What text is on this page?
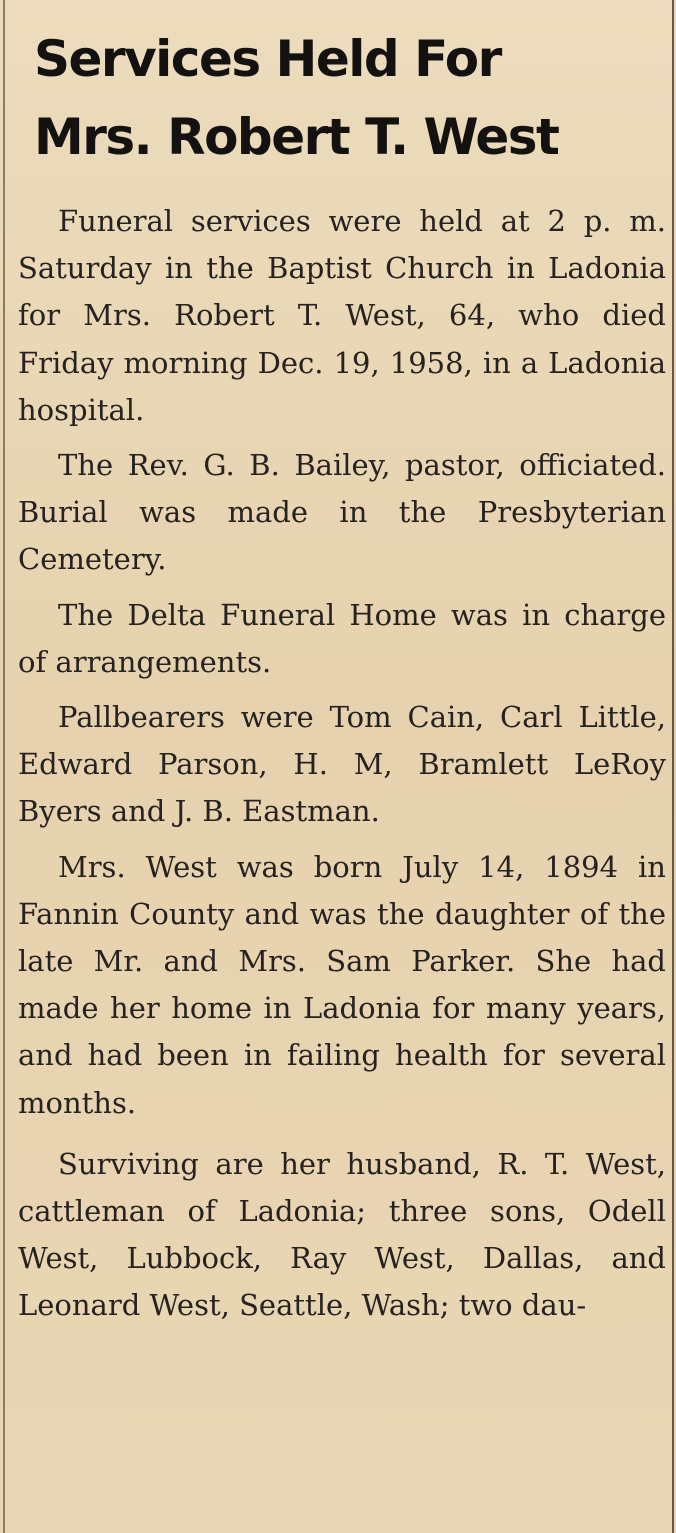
Services Held For
Mrs. Robert T. West

Funeral services were held at 2 p. m. Saturday in the Baptist Church in Ladonia for Mrs. Robert T. West, 64, who died Friday morning Dec. 19, 1958, in a Ladonia hospital.

The Rev. G. B. Bailey, pastor, officiated. Burial was made in the Presbyterian Cemetery.

The Delta Funeral Home was in charge of arrangements.

Pallbearers were Tom Cain, Carl Little, Edward Parson, H. M, Bramlett LeRoy Byers and J. B. Eastman.

Mrs. West was born July 14, 1894 in Fannin County and was the daughter of the late Mr. and Mrs. Sam Parker. She had made her home in Ladonia for many years, and had been in failing health for several months.

Surviving are her husband, R. T. West, cattleman of Ladonia; three sons, Odell West, Lubbock, Ray West, Dallas, and Leonard West, Seattle, Wash; two dau-
